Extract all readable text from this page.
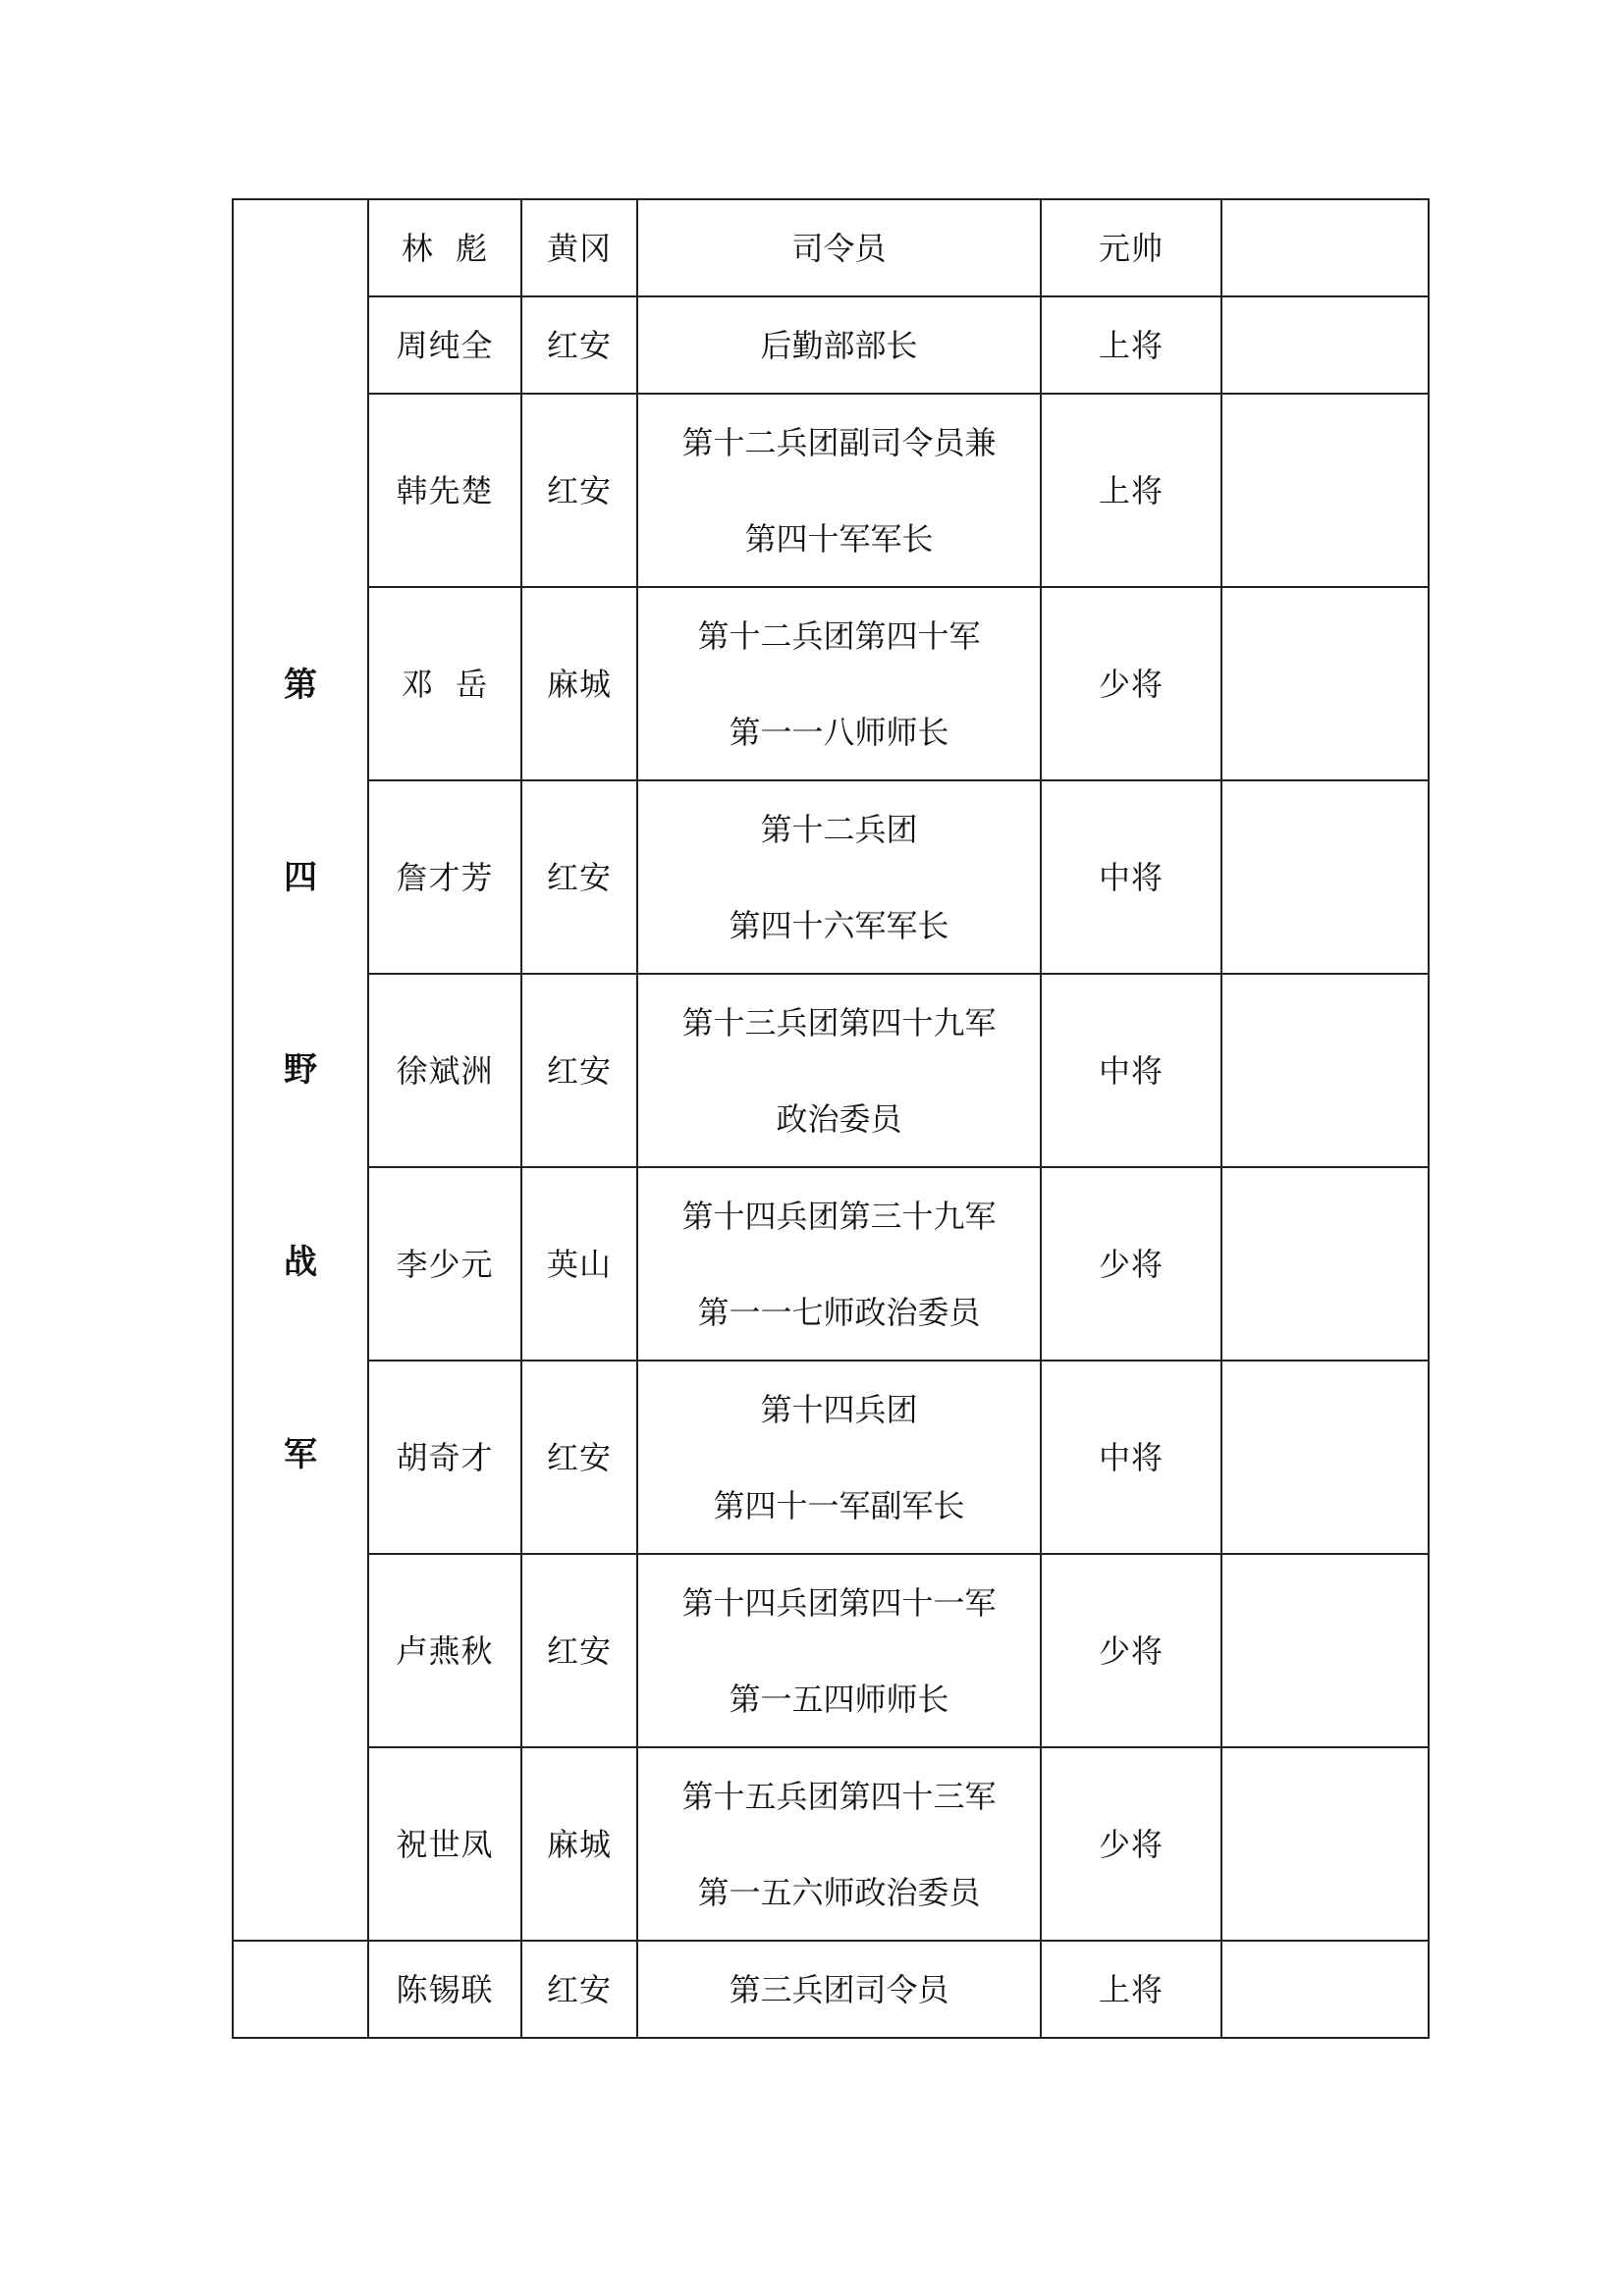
第
四
野
战
军	林  彪	黄冈	司令员	元帅	
	周纯全	红安	后勤部部长	上将	
	韩先楚	红安	第十二兵团副司令员兼
第四十军军长	上将	
	邓  岳	麻城	第十二兵团第四十军
第一一八师师长	少将	
	詹才芳	红安	第十二兵团
第四十六军军长	中将	
	徐斌洲	红安	第十三兵团第四十九军
政治委员	中将	
	李少元	英山	第十四兵团第三十九军
第一一七师政治委员	少将	
	胡奇才	红安	第十四兵团
第四十一军副军长	中将	
	卢燕秋	红安	第十四兵团第四十一军
第一五四师师长	少将	
	祝世凤	麻城	第十五兵团第四十三军
第一五六师政治委员	少将	
	陈锡联	红安	第三兵团司令员	上将	
